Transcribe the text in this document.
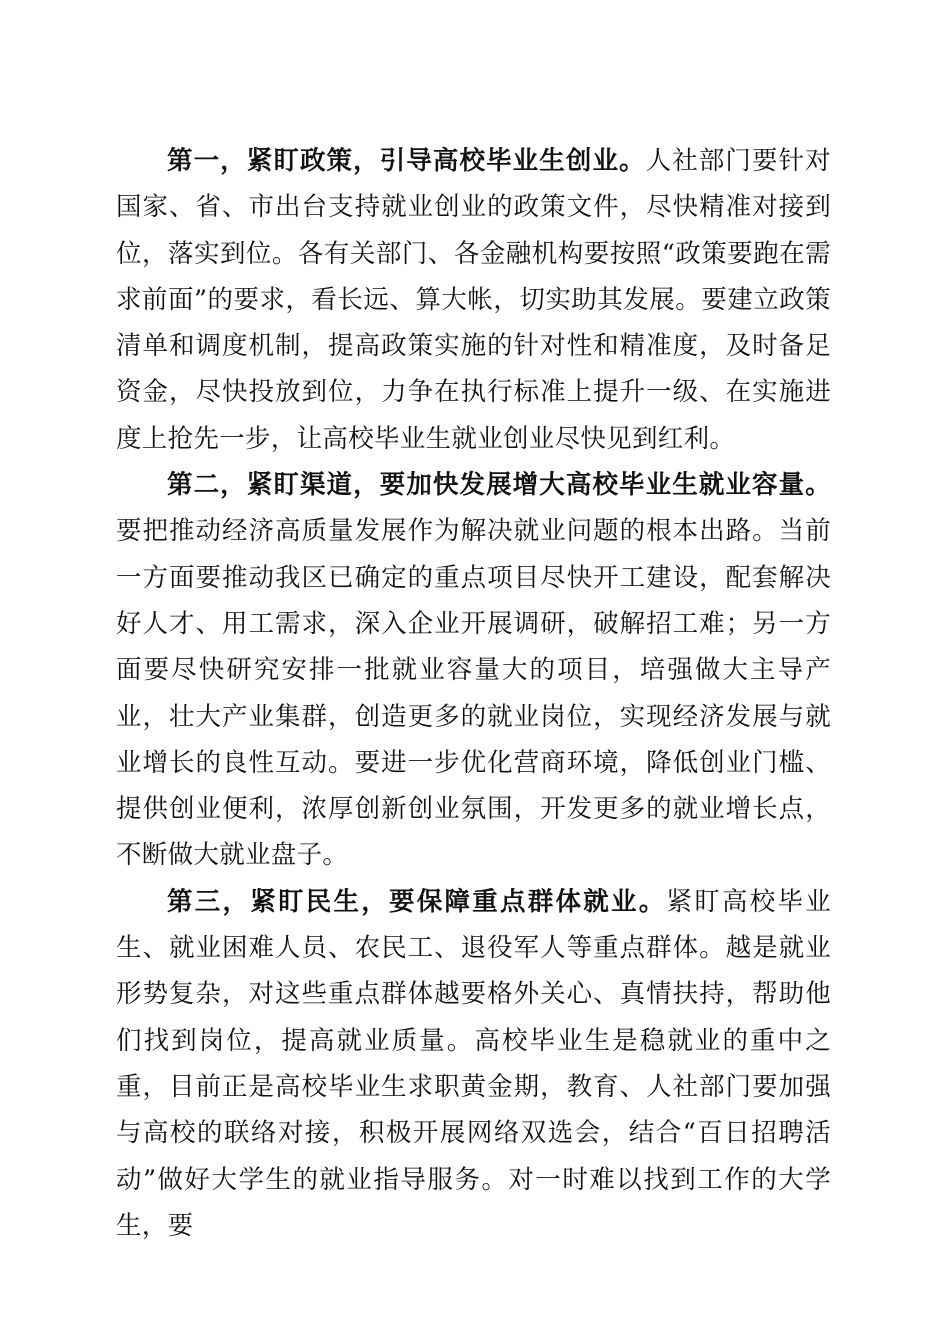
第一，紧盯政策，引导高校毕业生创业。人社部门要针对国家、省、市出台支持就业创业的政策文件，尽快精准对接到位，落实到位。各有关部门、各金融机构要按照“政策要跑在需求前面”的要求，看长远、算大帐，切实助其发展。要建立政策清单和调度机制，提高政策实施的针对性和精准度，及时备足资金，尽快投放到位，力争在执行标准上提升一级、在实施进度上抢先一步，让高校毕业生就业创业尽快见到红利。

第二，紧盯渠道，要加快发展增大高校毕业生就业容量。要把推动经济高质量发展作为解决就业问题的根本出路。当前一方面要推动我区已确定的重点项目尽快开工建设，配套解决好人才、用工需求，深入企业开展调研，破解招工难；另一方面要尽快研究安排一批就业容量大的项目，培强做大主导产业，壮大产业集群，创造更多的就业岗位，实现经济发展与就业增长的良性互动。要进一步优化营商环境，降低创业门槛、提供创业便利，浓厚创新创业氛围，开发更多的就业增长点，不断做大就业盘子。

第三，紧盯民生，要保障重点群体就业。紧盯高校毕业生、就业困难人员、农民工、退役军人等重点群体。越是就业形势复杂，对这些重点群体越要格外关心、真情扶持，帮助他们找到岗位，提高就业质量。高校毕业生是稳就业的重中之重，目前正是高校毕业生求职黄金期，教育、人社部门要加强与高校的联络对接，积极开展网络双选会，结合“百日招聘活动”做好大学生的就业指导服务。对一时难以找到工作的大学生，要
